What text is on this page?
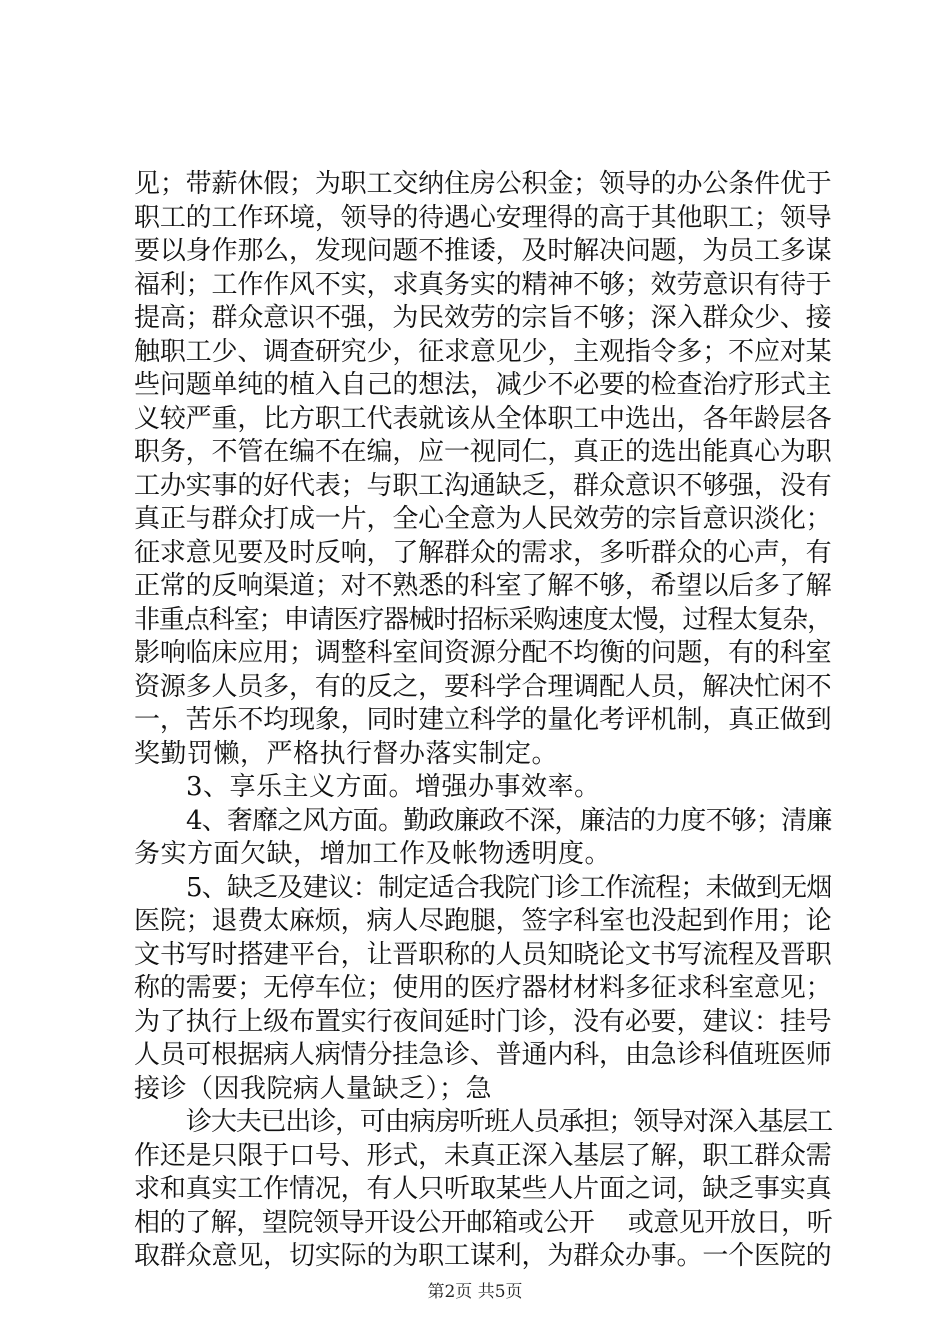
见；带薪休假；为职工交纳住房公积金；领导的办公条件优于
职工的工作环境，领导的待遇心安理得的高于其他职工；领导
要以身作那么，发现问题不推诿，及时解决问题，为员工多谋
福利；工作作风不实，求真务实的精神不够；效劳意识有待于
提高；群众意识不强，为民效劳的宗旨不够；深入群众少、接
触职工少、调查研究少，征求意见少，主观指令多；不应对某
些问题单纯的植入自己的想法，减少不必要的检查治疗形式主
义较严重，比方职工代表就该从全体职工中选出，各年龄层各
职务，不管在编不在编，应一视同仁，真正的选出能真心为职
工办实事的好代表；与职工沟通缺乏，群众意识不够强，没有
真正与群众打成一片，全心全意为人民效劳的宗旨意识淡化；
征求意见要及时反响，了解群众的需求，多听群众的心声，有
正常的反响渠道；对不熟悉的科室了解不够，希望以后多了解
非重点科室；申请医疗器械时招标采购速度太慢，过程太复杂，
影响临床应用；调整科室间资源分配不均衡的问题，有的科室
资源多人员多，有的反之，要科学合理调配人员，解决忙闲不
一，苦乐不均现象，同时建立科学的量化考评机制，真正做到
奖勤罚懒，严格执行督办落实制定。
3、享乐主义方面。增强办事效率。
4、奢靡之风方面。勤政廉政不深，廉洁的力度不够；清廉
务实方面欠缺，增加工作及帐物透明度。
5、缺乏及建议：制定适合我院门诊工作流程；未做到无烟
医院；退费太麻烦，病人尽跑腿，签字科室也没起到作用；论
文书写时搭建平台，让晋职称的人员知晓论文书写流程及晋职
称的需要；无停车位；使用的医疗器材材料多征求科室意见；
为了执行上级布置实行夜间延时门诊，没有必要，建议：挂号
人员可根据病人病情分挂急诊、普通内科，由急诊科值班医师
接诊（因我院病人量缺乏）；急
诊大夫已出诊，可由病房听班人员承担；领导对深入基层工
作还是只限于口号、形式，未真正深入基层了解，职工群众需
求和真实工作情况，有人只听取某些人片面之词，缺乏事实真
相的了解，望院领导开设公开邮箱或公开　 或意见开放日，听
取群众意见，切实际的为职工谋利，为群众办事。一个医院的
第2页 共5页
